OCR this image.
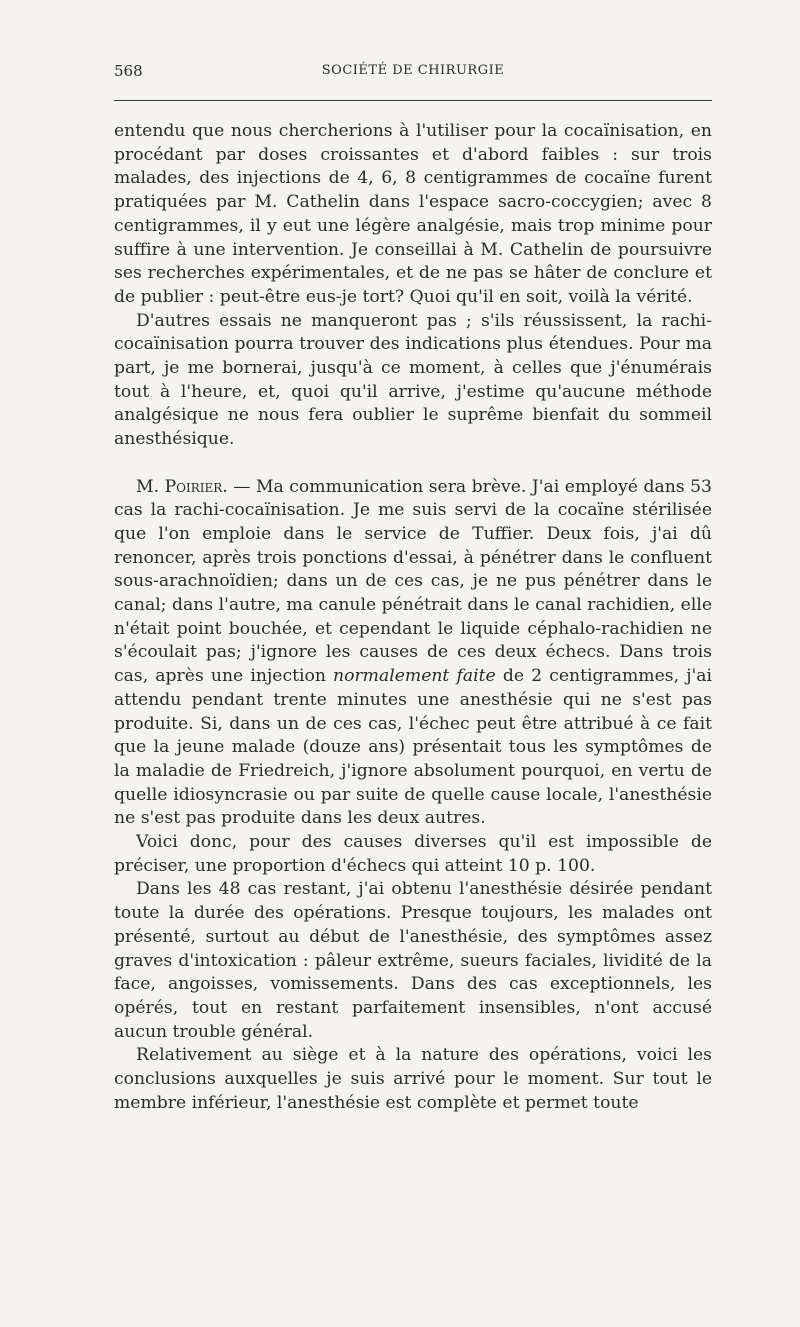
568	SOCIÉTÉ DE CHIRURGIE

entendu que nous chercherions à l'utiliser pour la cocaïnisation, en procédant par doses croissantes et d'abord faibles : sur trois malades, des injections de 4, 6, 8 centigrammes de cocaïne furent pratiquées par M. Cathelin dans l'espace sacro-coccygien; avec 8 centigrammes, il y eut une légère analgésie, mais trop minime pour suffire à une intervention. Je conseillai à M. Cathelin de poursuivre ses recherches expérimentales, et de ne pas se hâter de conclure et de publier : peut-être eus-je tort? Quoi qu'il en soit, voilà la vérité.

D'autres essais ne manqueront pas ; s'ils réussissent, la rachi-cocaïnisation pourra trouver des indications plus étendues. Pour ma part, je me bornerai, jusqu'à ce moment, à celles que j'énumérais tout à l'heure, et, quoi qu'il arrive, j'estime qu'aucune méthode analgésique ne nous fera oublier le suprême bienfait du sommeil anesthésique.

M. Poirier. — Ma communication sera brève. J'ai employé dans 53 cas la rachi-cocaïnisation. Je me suis servi de la cocaïne stérilisée que l'on emploie dans le service de Tuffier. Deux fois, j'ai dû renoncer, après trois ponctions d'essai, à pénétrer dans le confluent sous-arachnoïdien; dans un de ces cas, je ne pus pénétrer dans le canal; dans l'autre, ma canule pénétrait dans le canal rachidien, elle n'était point bouchée, et cependant le liquide céphalo-rachidien ne s'écoulait pas; j'ignore les causes de ces deux échecs. Dans trois cas, après une injection normalement faite de 2 centigrammes, j'ai attendu pendant trente minutes une anesthésie qui ne s'est pas produite. Si, dans un de ces cas, l'échec peut être attribué à ce fait que la jeune malade (douze ans) présentait tous les symptômes de la maladie de Friedreich, j'ignore absolument pourquoi, en vertu de quelle idiosyncrasie ou par suite de quelle cause locale, l'anesthésie ne s'est pas produite dans les deux autres.

Voici donc, pour des causes diverses qu'il est impossible de préciser, une proportion d'échecs qui atteint 10 p. 100.

Dans les 48 cas restant, j'ai obtenu l'anesthésie désirée pendant toute la durée des opérations. Presque toujours, les malades ont présenté, surtout au début de l'anesthésie, des symptômes assez graves d'intoxication : pâleur extrême, sueurs faciales, lividité de la face, angoisses, vomissements. Dans des cas exceptionnels, les opérés, tout en restant parfaitement insensibles, n'ont accusé aucun trouble général.

Relativement au siège et à la nature des opérations, voici les conclusions auxquelles je suis arrivé pour le moment. Sur tout le membre inférieur, l'anesthésie est complète et permet toute
